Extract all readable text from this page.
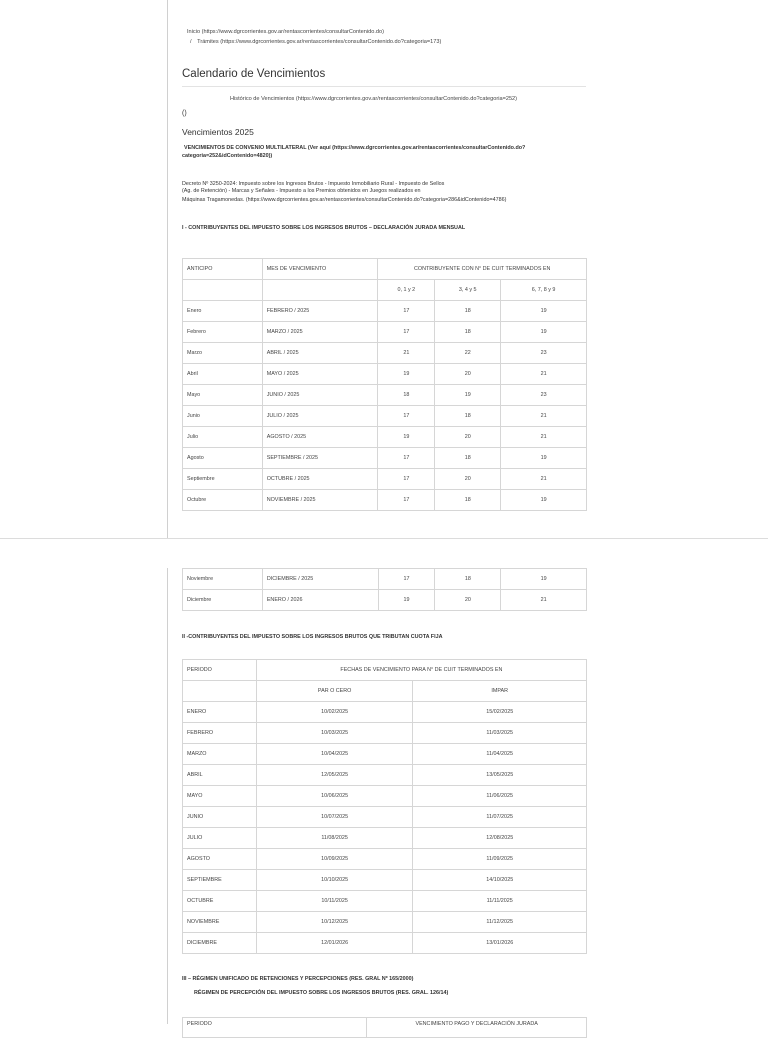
Inicio (https://www.dgrcorrientes.gov.ar/rentascorrientes/consultarContenido.do)
/ Trámites (https://www.dgrcorrientes.gov.ar/rentascorrientes/consultarContenido.do?categoria=173)
Calendario de Vencimientos
Histórico de Vencimientos (https://www.dgrcorrientes.gov.ar/rentascorrientes/consultarContenido.do?categoria=252)
()
Vencimientos 2025
VENCIMIENTOS DE CONVENIO MULTILATERAL (Ver aquí (https://www.dgrcorrientes.gov.ar/rentascorrientes/consultarContenido.do?
categoria=252&idContenido=4820))
Decreto Nº 3250-2024: Impuesto sobre los Ingresos Brutos - Impuesto Inmobiliario Rural - Impuesto de Sellos
(Ag. de Retención) - Marcas y Señales - Impuesto a los Premios obtenidos en Juegos realizados en
Máquinas Tragamonedas. (https://www.dgrcorrientes.gov.ar/rentascorrientes/consultarContenido.do?categoria=286&idContenido=4786)
I - CONTRIBUYENTES DEL IMPUESTO SOBRE LOS INGRESOS BRUTOS – DECLARACIÓN JURADA MENSUAL
ANTICIPO	MES DE VENCIMIENTO	CONTRIBUYENTE CON N° DE CUIT TERMINADOS EN		
		0, 1 y 2	3, 4 y 5	6, 7, 8 y 9
Enero	FEBRERO / 2025	17	18	19
Febrero	MARZO / 2025	17	18	19
Marzo	ABRIL / 2025	21	22	23
Abril	MAYO / 2025	19	20	21
Mayo	JUNIO / 2025	18	19	23
Junio	JULIO / 2025	17	18	21
Julio	AGOSTO / 2025	19	20	21
Agosto	SEPTIEMBRE / 2025	17	18	19
Septiembre	OCTUBRE / 2025	17	20	21
Octubre	NOVIEMBRE / 2025	17	18	19
Noviembre	DICIEMBRE / 2025	17	18	19
Diciembre	ENERO / 2026	19	20	21
II -CONTRIBUYENTES DEL IMPUESTO SOBRE LOS INGRESOS BRUTOS QUE TRIBUTAN CUOTA FIJA
PERIODO	FECHAS DE VENCIMIENTO PARA N° DE CUIT TERMINADOS EN	
	PAR O CERO	IMPAR
ENERO	10/02/2025	15/02/2025
FEBRERO	10/03/2025	11/03/2025
MARZO	10/04/2025	11/04/2025
ABRIL	12/05/2025	13/05/2025
MAYO	10/06/2025	11/06/2025
JUNIO	10/07/2025	11/07/2025
JULIO	11/08/2025	12/08/2025
AGOSTO	10/09/2025	11/09/2025
SEPTIEMBRE	10/10/2025	14/10/2025
OCTUBRE	10/11/2025	11/11/2025
NOVIEMBRE	10/12/2025	11/12/2025
DICIEMBRE	12/01/2026	13/01/2026
III – RÉGIMEN UNIFICADO DE RETENCIONES Y PERCEPCIONES (RES. GRAL Nº 165/2000)
RÉGIMEN DE PERCEPCIÓN DEL IMPUESTO SOBRE LOS INGRESOS BRUTOS (RES. GRAL. 126/14)
PERIODO	VENCIMIENTO PAGO Y DECLARACIÓN JURADA
